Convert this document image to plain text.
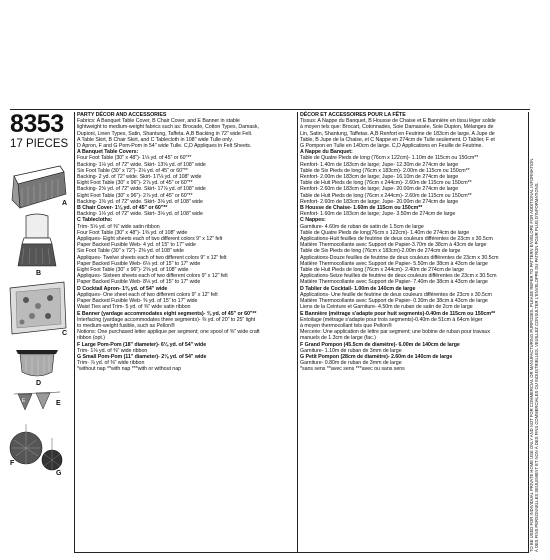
8353
17 PIECES
E
A
B
C
D
E
F
G

PARTY DÉCOR AND ACCESSORIES

Fabrics: A Banquet Table Cover, B Chair Cover, and E Banner in stable

lightweight to medium-weight fabrics such as: Brocade, Cotton Types, Damask,

Dupioni, Linen Types, Satin, Shantung, Taffeta. A,B Backing in 72" wide Felt.

A Table Skirt, B Chair Skirt, and C Tablecloth in 108" wide Tulle only.

D Apron, F and G Pom-Pom in 54" wide Tulle. C,D Appliques in Felt Sheets.

A Banquet Table Covers:

Four Foot Table (30" x 48")- 1⅛ yd. of 45" or 60"**

Backing- 1⅛ yd. of 72" wide. Skirt- 13⅝ yd. of 108" wide

Six Foot Table (30" x 72")- 2⅛ yd. of 45" or 60"**

Backing- 2 yd. of 72" wide. Skirt- 17⅛ yd. of 108" wide

Eight Foot Table (30" x 96")- 2⅞ yd. of 45" or 60"**

Backing- 2⅝ yd. of 72" wide. Skirt- 17⅞ yd. of 108" wide

Eight Foot Table (30" x 96")- 2⅞ yd. of 45" or 60"**

Backing- 1⅜ yd. of 72" wide. Skirt- 3⅛ yd. of 108" wide

B Chair Cover- 1⅛ yd. of 45" or 60"**

Backing- 1⅛ yd. of 72" wide. Skirt- 3⅛ yd. of 108" wide

C Tablecloths:

Trim- 5⅛ yd. of ⅜" wide satin ribbon

Four Foot Table (30" x 48")- 1⅜ yd. of 108" wide

Appliques- Eight sheets each of two different colors 9" x 12" felt

Paper Backed Fusible Web- 4 yd. of 15" to 17" wide

Six Foot Table (30" x 72")- 2⅜ yd. of 108" wide

Appliques- Twelve sheets each of two different colors 9" x 12" felt

Paper Backed Fusible Web- 6⅛ yd. of 15" to 17" wide

Eight Foot Table (30" x 96")- 2⅝ yd. of 108" wide

Appliques- Sixteen sheets each of two different colors 9" x 12" felt

Paper Backed Fusible Web- 8⅛ yd. of 15" to 17" wide

D Cocktail Apron- 1⅜ yd. of 54" wide

Appliques- One sheet each of two different colors 9" x 12" felt

Paper Backed Fusible Web- ⅜ yd. of 15" to 17" wide

Waist Ties and Trim- 5 yd. of ⅜" wide satin ribbon

E Banner (yardage accommodates eight segments)- ⅜ yd. of 45" or 60"**

Interfacing (yardage accommodates three segments)- ⅜ yd. of 20" to 25" light

to medium-weight fusible, such as Pellon®

Notions: One purchased letter applique per segment; one spool of ⅜" wide craft

ribbon (opt.)

F Large Pom-Pom (18" diameter)- 6⅛ yd. of 54" wide

Trim- 1⅛ yd. of ⅜" wide ribbon

G Small Pom-Pom (11" diameter)- 2⅛ yd. of 54" wide

Trim- ⅞ yd. of ⅜" wide ribbon

*without nap **with nap ***with or without nap

DÉCOR ET ACCESSOIRES POUR LA FÊTE

Tissus: A Nappe du Banquet, B Housse de Chaise et E Bannière en tissu léger solide

à moyen tels que: Brocart, Cotonnades, Soie Damassée, Soie Dupion, Mélanges de

Lin, Satin, Shantung, Taffetas. A,B Renfort en Feutrine de 183cm de large. A Jupe de

Table, B Jupe de la Chaise, et C Nappe en 274cm de Tulle seulement. D Tablier, F et

G Pompon en Tulle en 140cm de large. C,D Applications en Feuille de Feutrine.

A Nappe du Banquet:

Table de Quatre Pieds de long (76cm x 122cm)- 1.10m de 115cm ou 150cm**

Renfort- 1.40m de 183cm de large; Jupe- 12.30m de 274cm de large

Table de Six Pieds de long (76cm x 183cm)- 2.00m de 115cm ou 150cm**

Renfort- 2.00m de 183cm de large; Jupe- 16.10m de 274cm de large

Table de Huit Pieds de long (76cm x 244cm)- 2.60m de 115cm ou 150cm**

Renfort- 2.60m de 183cm de large; Jupe- 20.00m de 274cm de large

Table de Huit Pieds de long (76cm x 244cm)- 2.60m de 115cm ou 150cm**

Renfort- 2.60m de 183cm de large; Jupe- 20.00m de 274cm de large

B Housse de Chaise- 1.60m de 115cm ou 150cm**

Renfort- 1.60m de 183cm de large; Jupe- 3.50m de 274cm de large

C Nappes:

Garniture- 4.60m de ruban de satin de 1.5cm de large

Table de Quatre Pieds de long(76cm x 122cm)- 1.40m de 274cm de large

Applications-Huit feuilles de feutrine de deux couleurs différentes de 23cm x 30.5cm

Matière Thermocollante avec Support de Papier-3.70m de 38cm à 43cm de large

Table de Six Pieds de long (76cm x 183cm)-2.00m de 274cm de large

Applications-Douze feuilles de feutrine de deux couleurs différentes de 23cm x 30.5cm

Matière Thermocollante avec Support de Papier- 5.50m de 38cm à 43cm de large

Table de Huit Pieds de long (76cm x 244cm)- 2.40m de 274cm de large

Applications-Seize feuilles de feutrine de deux couleurs différentes de 23cm x 30.5cm

Matière Thermocollante avec Support de Papier- 7.40m de 38cm à 43cm de large

D Tablier de Cocktail- 1.00m de 140cm de large

Applications- Une feuille de feutrine de deux couleurs différentes de 23cm x 30.5cm

Matière Thermocollante avec Support de Papier- 0.30m de 38cm à 43cm de large

Liens de la Ceinture et Garniture- 4.50m de ruban de satin de 2cm de large

E Bannière (métrage s'adapte pour huit segments)-0.40m de 115cm ou 150cm**

Entoilage (métrage s'adapte pour trois segments)-0.40m de 51cm à 64cm léger

à moyen thermocollant tels que Pellon®

Mercerie: Une application de lettre par segment; une bobine de ruban pour travaux

manuels de 1.3cm de large (fac.)

F Grand Pompon (45.5cm de diamètre)- 6.00m de 140cm de large

Garniture- 1.10m de ruban de 3mm de large

G Petit Pompon (28cm de diamètre)- 2.60m de 140cm de large

Garniture- 0.80m de ruban de 3mm de large

*sans sens **avec sens ***avec ou sans sens	TO BE USED FOR INDIVIDUAL PRIVATE HOME USE ONLY AND NOT FOR COMMERCIAL OR MANUFACTURING PURPOSES. PLEASE REFER TO PATTERN ENVELOPE FOR ADDITIONAL INFORMATION. À DES FINS PERSONNELLES SEULEMENT ET NON À DES FINS COMMERCIALES OU INDUSTRIELLES. VEUILLEZ CONSULTER L'ENVELOPPE DU PATRON POUR PLUS D'INFORMATIONS.
